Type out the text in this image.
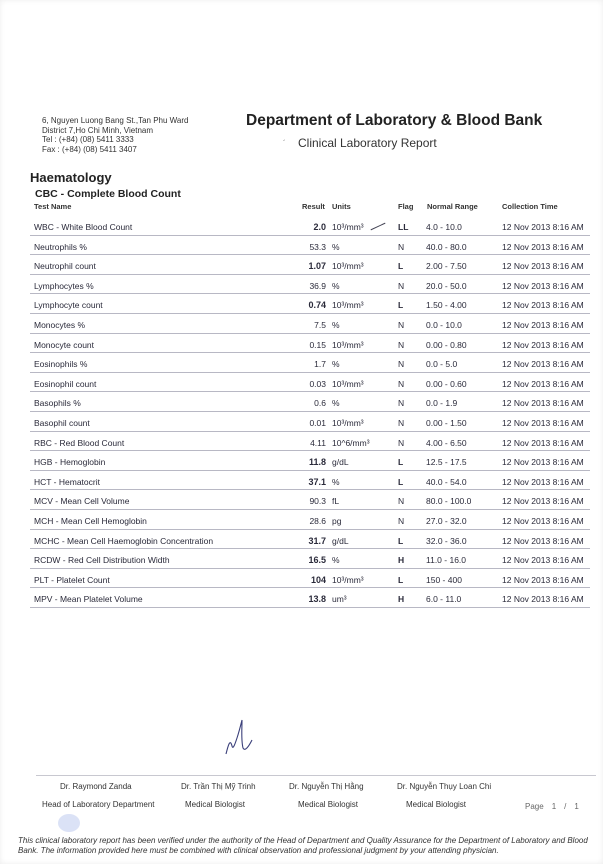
6, Nguyen Luong Bang St.,Tan Phu Ward
District 7,Ho Chi Minh, Vietnam
Tel : (+84) (08) 5411 3333
Fax : (+84) (08) 5411 3407
Department of Laboratory & Blood Bank
´ Clinical Laboratory Report
Haematology
CBC - Complete Blood Count
Test Name	Result Units	Flag Normal Range	Collection Time
WBC - White Blood Count	2.0 10³/mm³	LL 4.0 - 10.0	12 Nov 2013 8:16 AM
Neutrophils %	53.3 %	N	40.0 - 80.0	12 Nov 2013 8:16 AM
Neutrophil count	1.07 10³/mm³	L	2.00 - 7.50	12 Nov 2013 8:16 AM
Lymphocytes %	36.9 %	N	20.0 - 50.0	12 Nov 2013 8:16 AM
Lymphocyte count	0.74 10³/mm³	L	1.50 - 4.00	12 Nov 2013 8:16 AM
Monocytes %	7.5 %	N	0.0 - 10.0	12 Nov 2013 8:16 AM
Monocyte count	0.15 10³/mm³	N	0.00 - 0.80	12 Nov 2013 8:16 AM
Eosinophils %	1.7 %	N	0.0 - 5.0	12 Nov 2013 8:16 AM
Eosinophil count	0.03 10³/mm³	N	0.00 - 0.60	12 Nov 2013 8:16 AM
Basophils %	0.6 %	N	0.0 - 1.9	12 Nov 2013 8:16 AM
Basophil count	0.01 10³/mm³	N	0.00 - 1.50	12 Nov 2013 8:16 AM
RBC - Red Blood Count	4.11 10^6/mm³	N	4.00 - 6.50	12 Nov 2013 8:16 AM
HGB - Hemoglobin	11.8 g/dL	L	12.5 - 17.5	12 Nov 2013 8:16 AM
HCT - Hematocrit	37.1 %	L	40.0 - 54.0	12 Nov 2013 8:16 AM
MCV - Mean Cell Volume	90.3 fL	N	80.0 - 100.0	12 Nov 2013 8:16 AM
MCH - Mean Cell Hemoglobin	28.6 pg	N	27.0 - 32.0	12 Nov 2013 8:16 AM
MCHC - Mean Cell Haemoglobin Concentration	31.7 g/dL	L	32.0 - 36.0	12 Nov 2013 8:16 AM
RCDW - Red Cell Distribution Width	16.5 %	H	11.0 - 16.0	12 Nov 2013 8:16 AM
PLT - Platelet Count	104 10³/mm³	L	150 - 400	12 Nov 2013 8:16 AM
MPV - Mean Platelet Volume	13.8 um³	H	6.0 - 11.0	12 Nov 2013 8:16 AM
Dr. Raymond Zanda	Dr. Trần Thị Mỹ Trinh	Dr. Nguyễn Thị Hằng	Dr. Nguyễn Thụy Loan Chi
Head of Laboratory Department	Medical Biologist	Medical Biologist	Medical Biologist	Page 1 / 1
This clinical laboratory report has been verified under the authority of the Head of Department and Quality Assurance for the Department of Laboratory and Blood Bank. The information provided here must be combined with clinical observation and professional judgment by your attending physician.
